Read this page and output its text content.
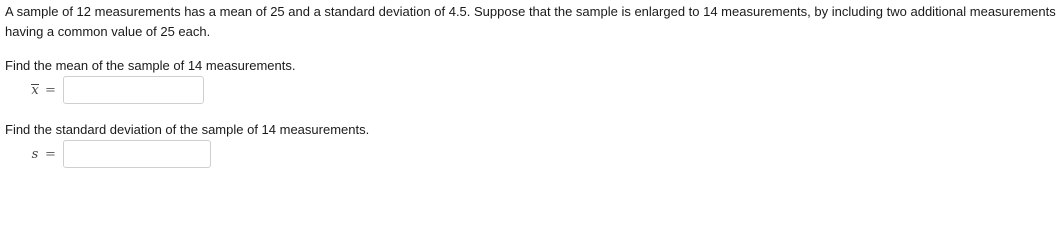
A sample of 12 measurements has a mean of 25 and a standard deviation of 4.5. Suppose that the sample is enlarged to 14 measurements, by including two additional measurements having a common value of 25 each.

Find the mean of the sample of 14 measurements.

x =

Find the standard deviation of the sample of 14 measurements.

s =
